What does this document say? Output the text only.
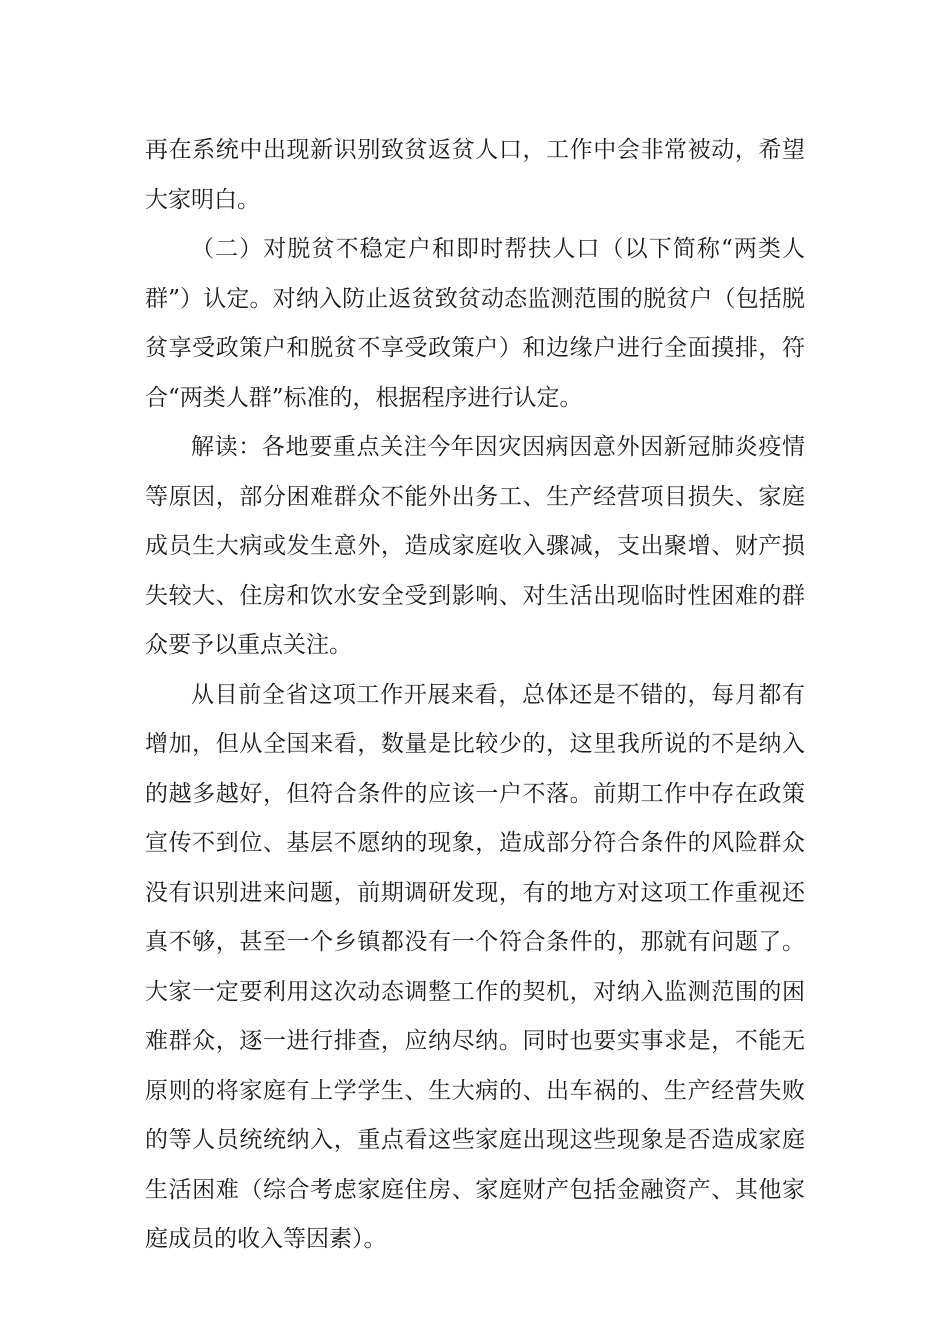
再在系统中出现新识别致贫返贫人口，工作中会非常被动，希望大家明白。

（二）对脱贫不稳定户和即时帮扶人口（以下简称“两类人群”）认定。对纳入防止返贫致贫动态监测范围的脱贫户（包括脱贫享受政策户和脱贫不享受政策户）和边缘户进行全面摸排，符合“两类人群”标准的，根据程序进行认定。

解读：各地要重点关注今年因灾因病因意外因新冠肺炎疫情等原因，部分困难群众不能外出务工、生产经营项目损失、家庭成员生大病或发生意外，造成家庭收入骤减，支出聚增、财产损失较大、住房和饮水安全受到影响、对生活出现临时性困难的群众要予以重点关注。

从目前全省这项工作开展来看，总体还是不错的，每月都有增加，但从全国来看，数量是比较少的，这里我所说的不是纳入的越多越好，但符合条件的应该一户不落。前期工作中存在政策宣传不到位、基层不愿纳的现象，造成部分符合条件的风险群众没有识别进来问题，前期调研发现，有的地方对这项工作重视还真不够，甚至一个乡镇都没有一个符合条件的，那就有问题了。大家一定要利用这次动态调整工作的契机，对纳入监测范围的困难群众，逐一进行排查，应纳尽纳。同时也要实事求是，不能无原则的将家庭有上学学生、生大病的、出车祸的、生产经营失败的等人员统统纳入，重点看这些家庭出现这些现象是否造成家庭生活困难（综合考虑家庭住房、家庭财产包括金融资产、其他家庭成员的收入等因素）。
